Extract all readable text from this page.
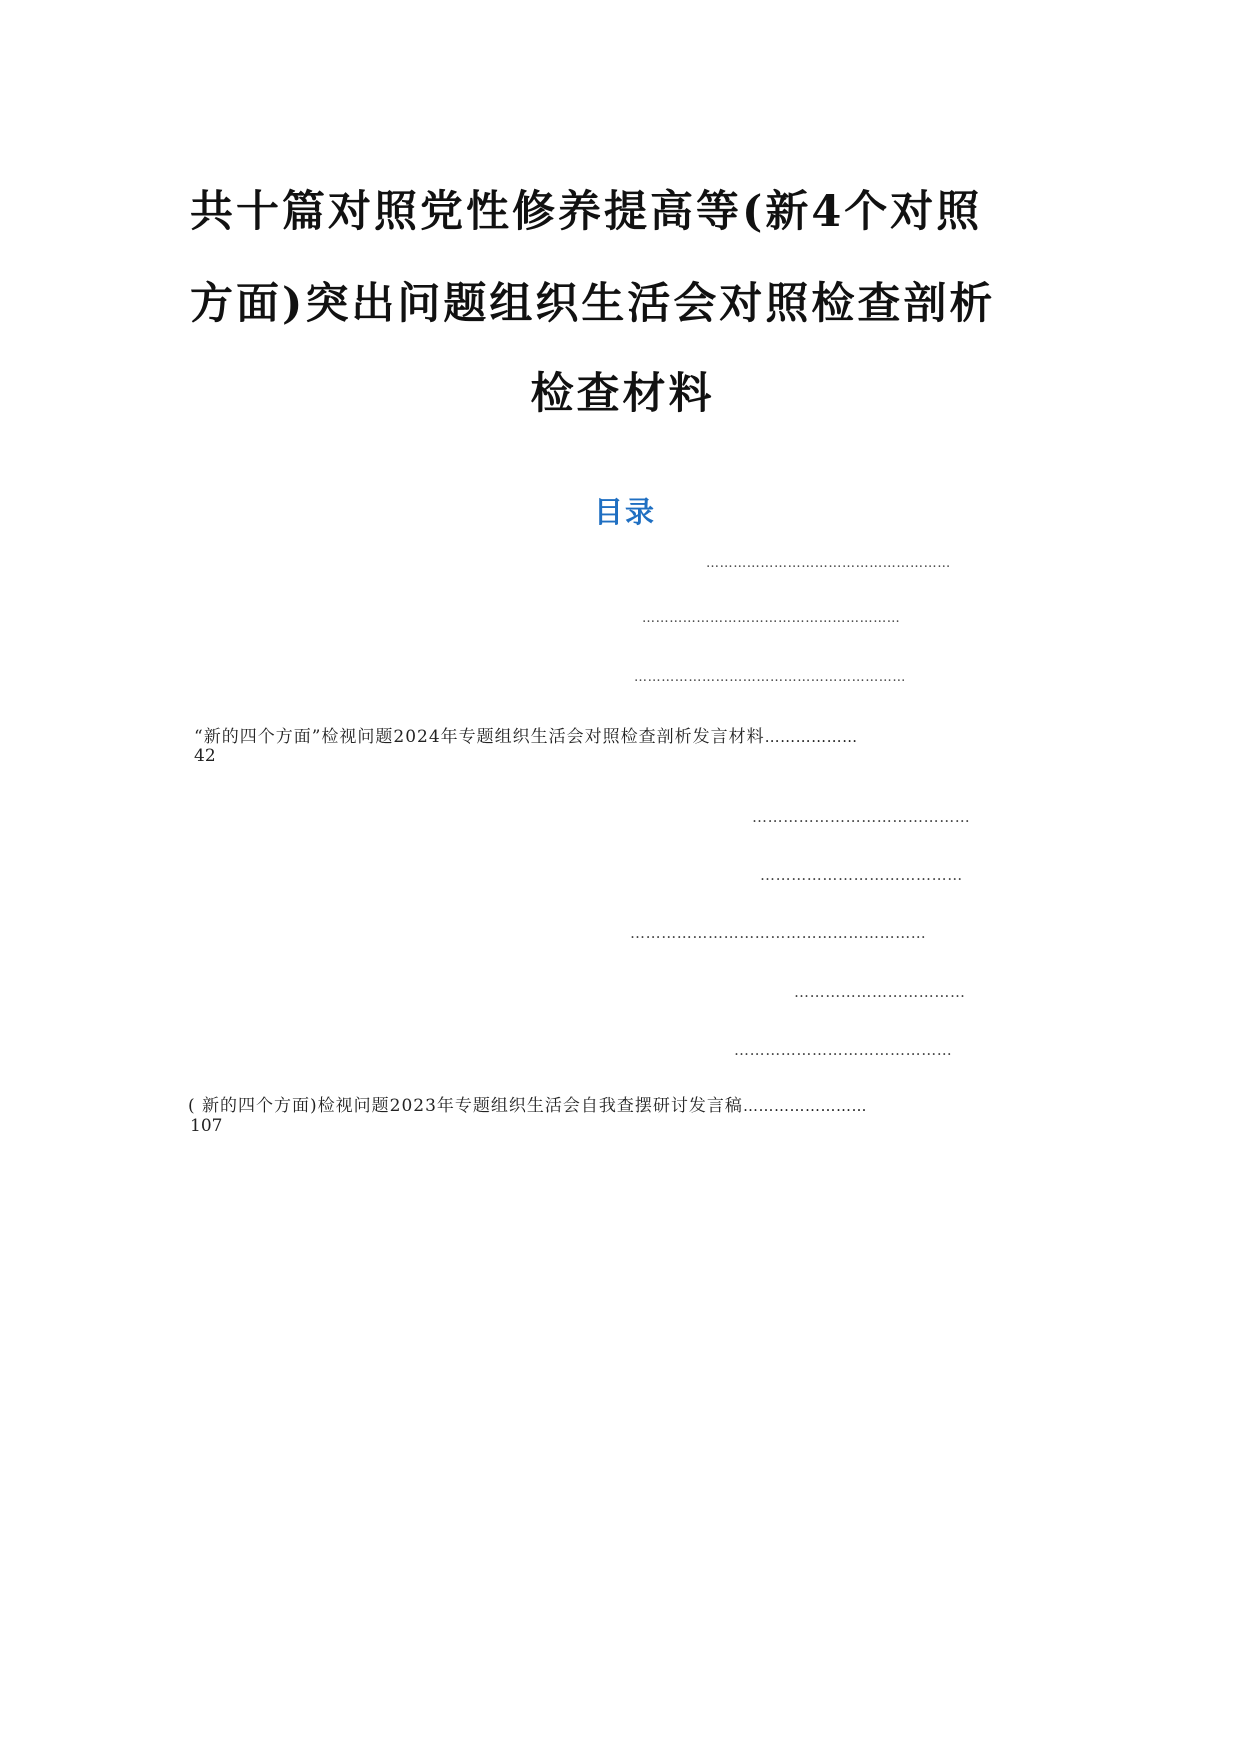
共十篇对照党性修养提高等(新4个对照
方面)突出问题组织生活会对照检查剖析
检查材料
目录
………………………………………………
…………………………………………………
……………………………………………………
“新的四个方面”检视问题2024年专题组织生活会对照检查剖析发言材料………………
42
……………………………………
…………………………………
…………………………………………………
……………………………
……………………………………
( 新的四个方面)检视问题2023年专题组织生活会自我查摆研讨发言稿……………………
107
